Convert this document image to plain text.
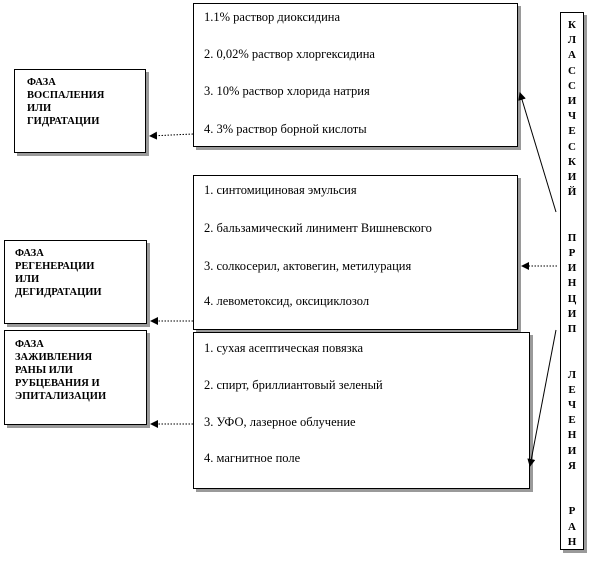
1.1% раствор диоксидина
2. 0,02% раствор хлоргексидина
3. 10% раствор хлорида натрия
4. 3% раствор борной кислоты
1. синтомициновая эмульсия
2. бальзамический линимент Вишневского
3. солкосерил, актовегин, метилурация
4. левометоксид, оксициклозол
1. сухая асептическая повязка
2. спирт, бриллиантовый зеленый
3. УФО, лазерное облучение
4. магнитное поле
ФАЗА
ВОСПАЛЕНИЯ
ИЛИ
ГИДРАТАЦИИ
ФАЗА
РЕГЕНЕРАЦИИ
ИЛИ
ДЕГИДРАТАЦИИ
ФАЗА
ЗАЖИВЛЕНИЯ
РАНЫ ИЛИ
РУБЦЕВАНИЯ И
ЭПИТАЛИЗАЦИИ
К
Л
А
С
С
И
Ч
Е
С
К
И
Й
П
Р
И
Н
Ц
И
П
Л
Е
Ч
Е
Н
И
Я
Р
А
Н
